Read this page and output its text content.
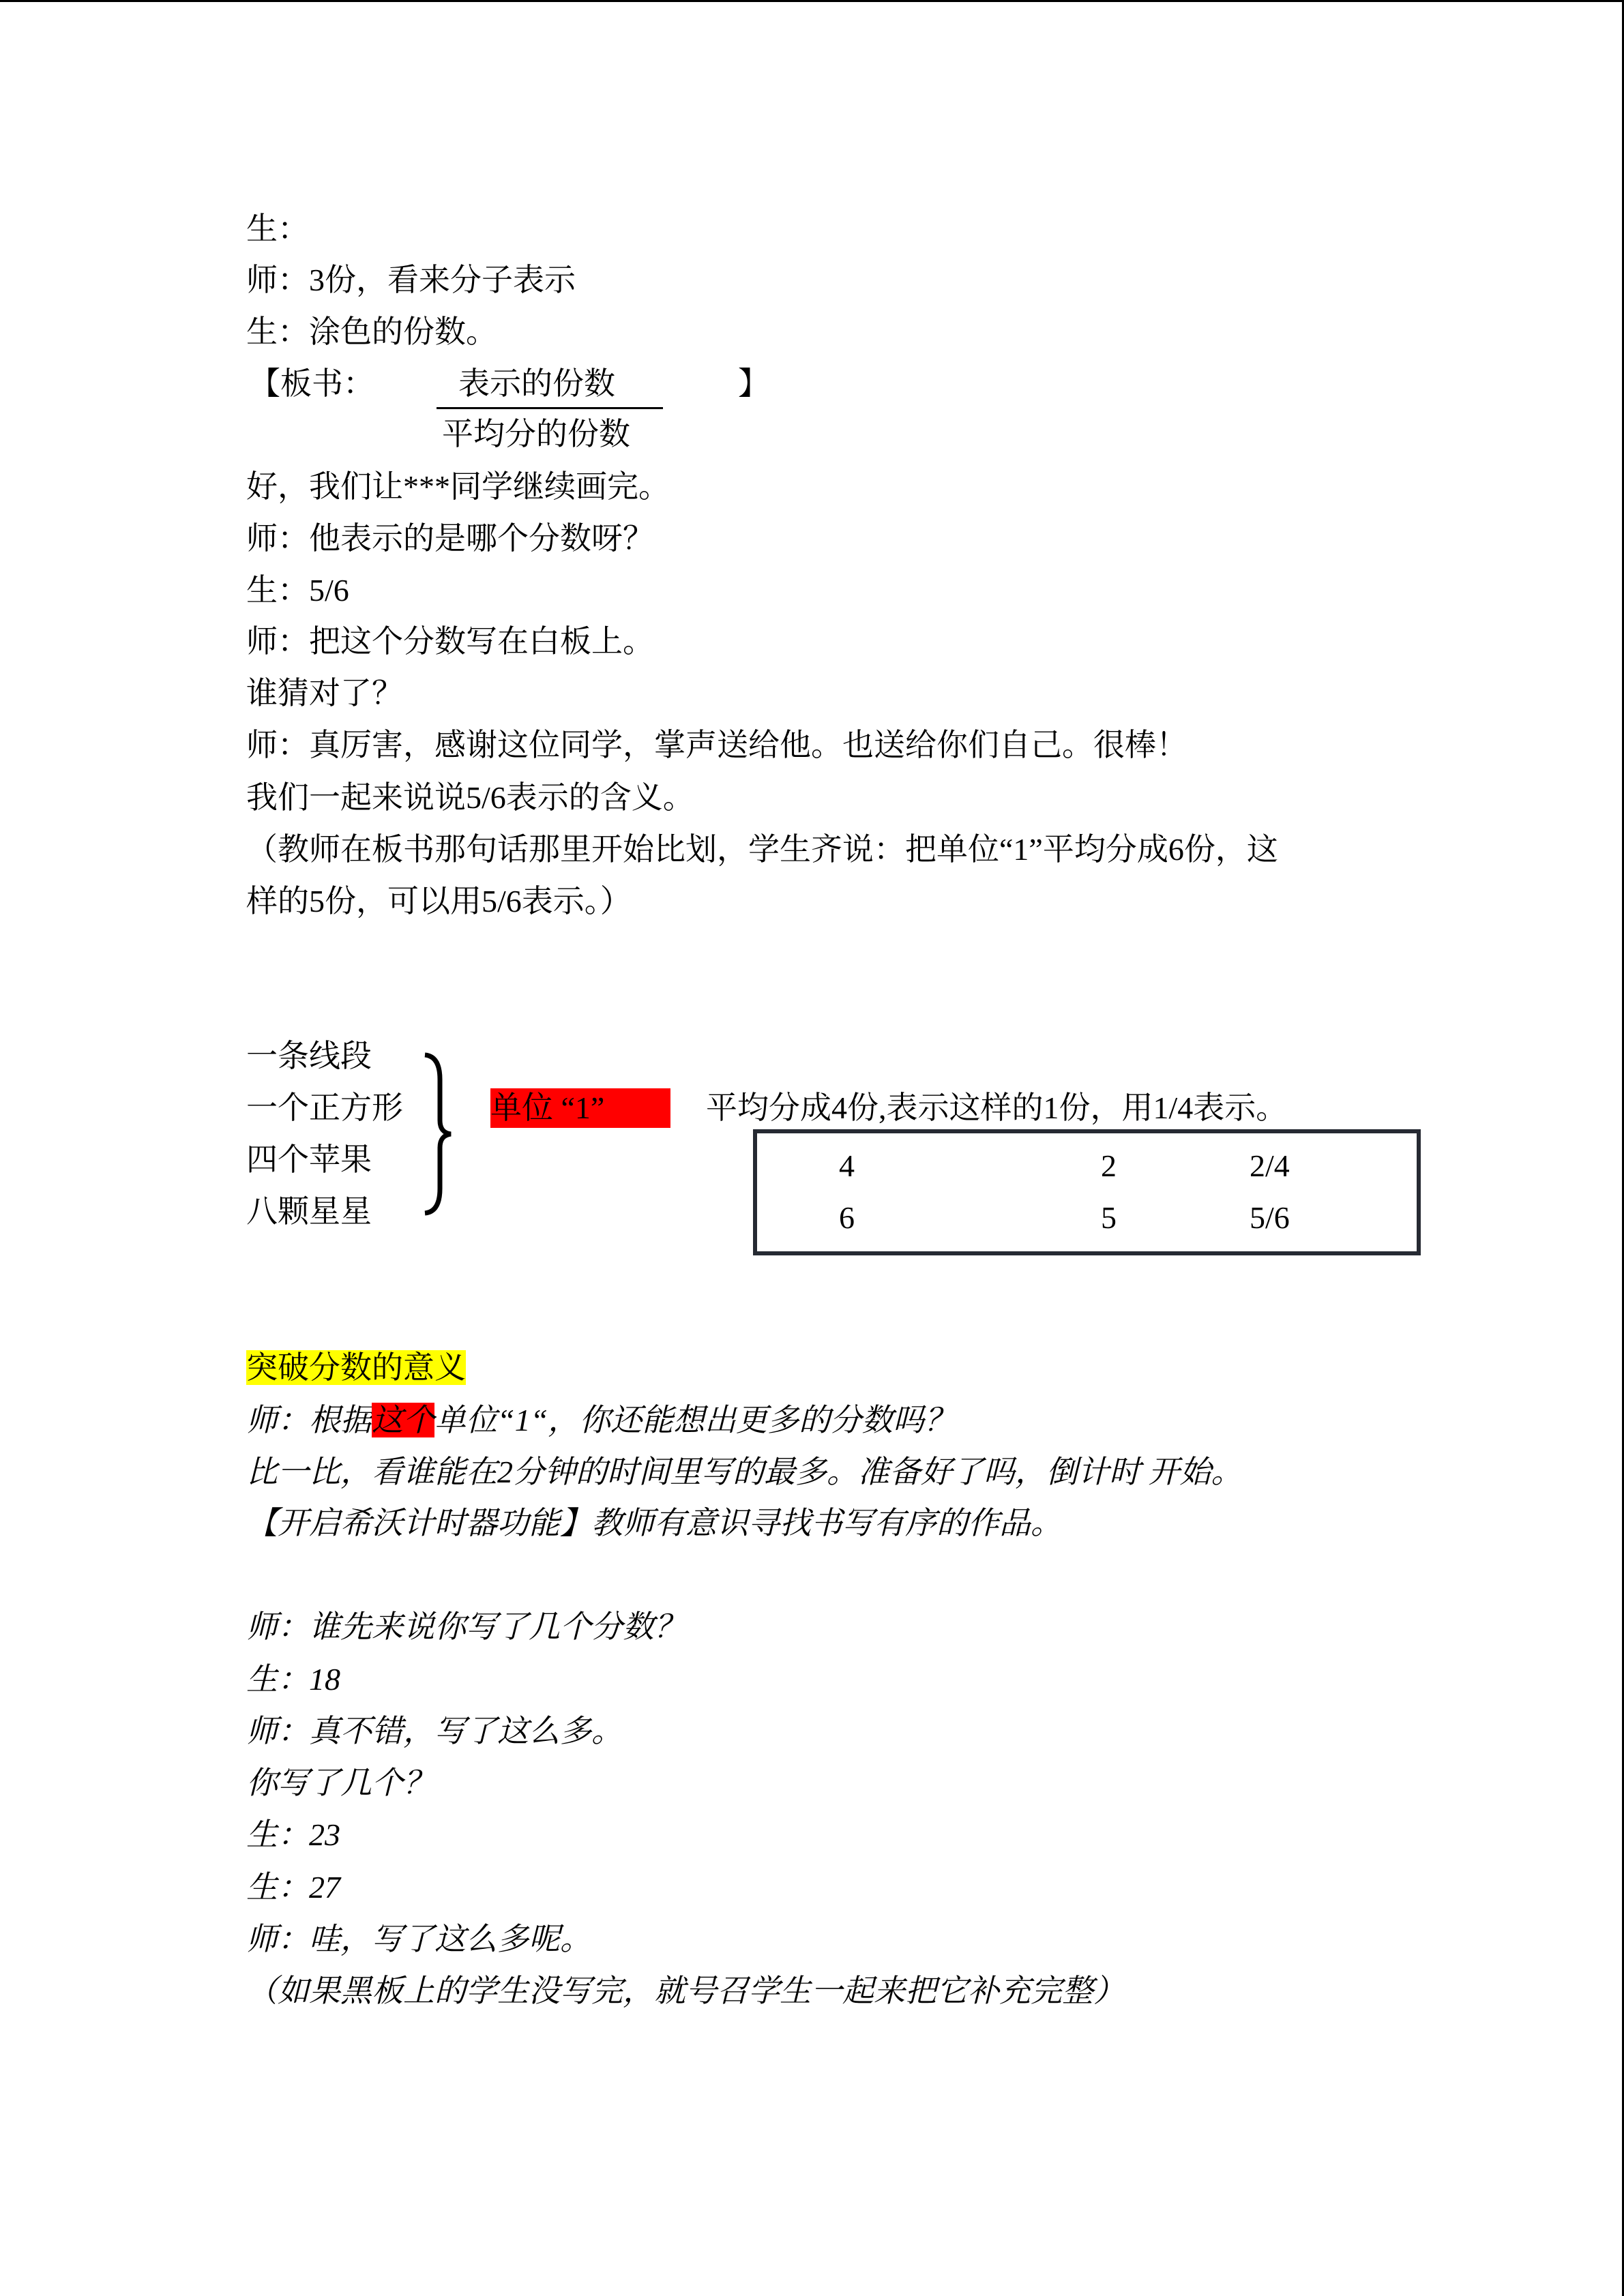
生：
师：3份，看来分子表示
生：涂色的份数。
【板书：	表示的份数
平均分的份数
】
好，我们让***同学继续画完。
师：他表示的是哪个分数呀？
生：5/6
师：把这个分数写在白板上。
谁猜对了？
师：真厉害，感谢这位同学，掌声送给他。也送给你们自己。很棒！
我们一起来说说5/6表示的含义。
（教师在板书那句话那里开始比划，学生齐说：把单位“1”平均分成6份，这
样的5份，可以用5/6表示。）
一条线段
一个正方形
四个苹果
八颗星星
单位 “1”	平均分成4份,表示这样的1份，用1/4表示。
4	2	2/4
6	5	5/6
突破分数的意义
师：根据这个单位“1“，你还能想出更多的分数吗？
比一比，看谁能在2分钟的时间里写的最多。准备好了吗，倒计时 开始。
【开启希沃计时器功能】教师有意识寻找书写有序的作品。
师：谁先来说你写了几个分数？
生：18
师：真不错，写了这么多。
你写了几个？
生：23
生：27
师：哇，写了这么多呢。
（如果黑板上的学生没写完，就号召学生一起来把它补充完整）
